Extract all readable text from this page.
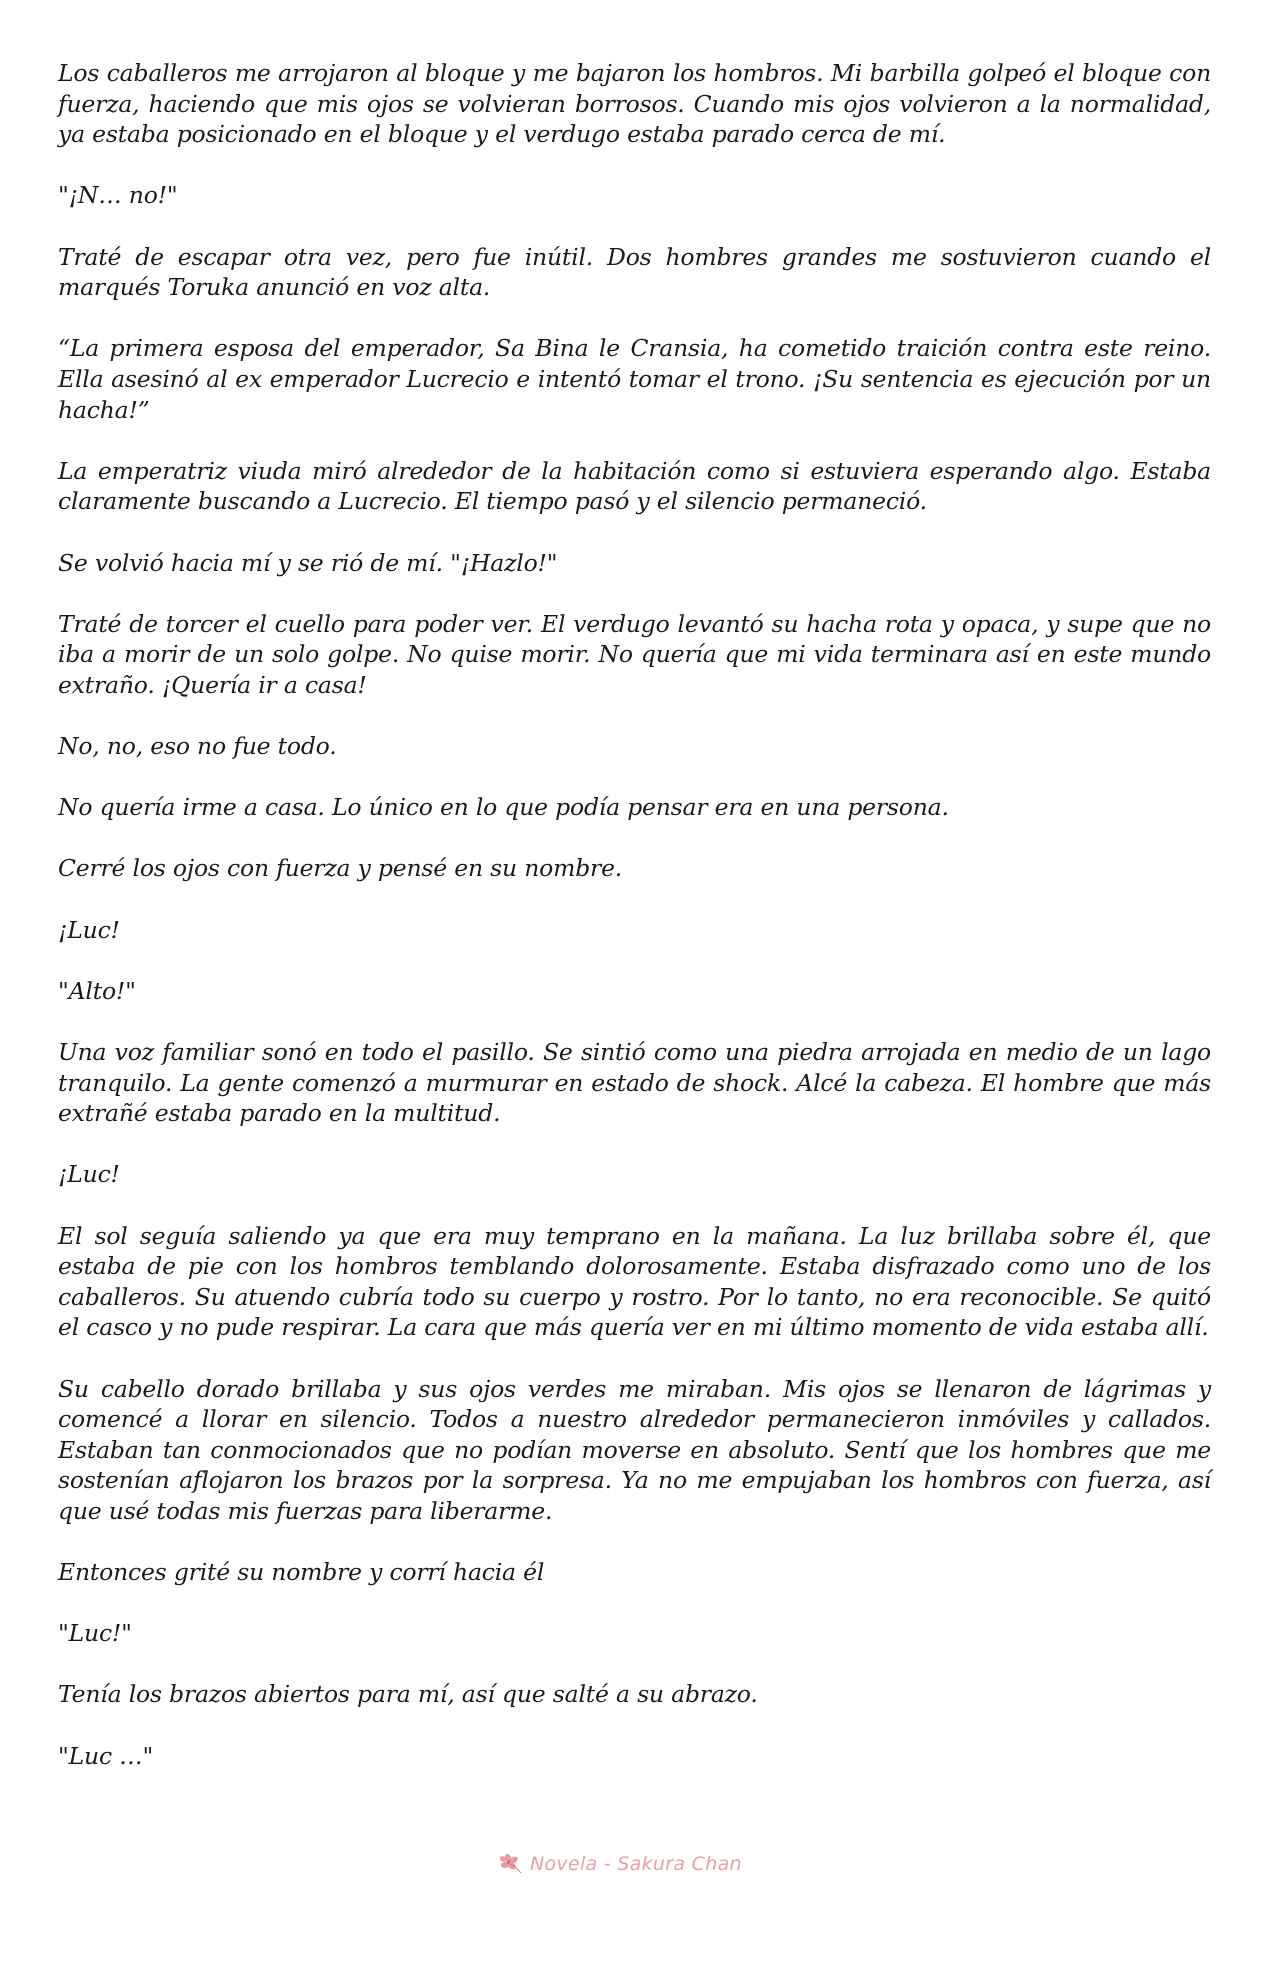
Los caballeros me arrojaron al bloque y me bajaron los hombros. Mi barbilla golpeó el bloque con fuerza, haciendo que mis ojos se volvieran borrosos. Cuando mis ojos volvieron a la normalidad, ya estaba posicionado en el bloque y el verdugo estaba parado cerca de mí.

"¡N… no!"

Traté de escapar otra vez, pero fue inútil. Dos hombres grandes me sostuvieron cuando el marqués Toruka anunció en voz alta.

“La primera esposa del emperador, Sa Bina le Cransia, ha cometido traición contra este reino. Ella asesinó al ex emperador Lucrecio e intentó tomar el trono. ¡Su sentencia es ejecución por un hacha!”

La emperatriz viuda miró alrededor de la habitación como si estuviera esperando algo. Estaba claramente buscando a Lucrecio. El tiempo pasó y el silencio permaneció.

Se volvió hacia mí y se rió de mí. "¡Hazlo!"

Traté de torcer el cuello para poder ver. El verdugo levantó su hacha rota y opaca, y supe que no iba a morir de un solo golpe. No quise morir. No quería que mi vida terminara así en este mundo extraño. ¡Quería ir a casa!

No, no, eso no fue todo.

No quería irme a casa. Lo único en lo que podía pensar era en una persona.

Cerré los ojos con fuerza y pensé en su nombre.

¡Luc!

"Alto!"

Una voz familiar sonó en todo el pasillo. Se sintió como una piedra arrojada en medio de un lago tranquilo. La gente comenzó a murmurar en estado de shock. Alcé la cabeza. El hombre que más extrañé estaba parado en la multitud.

¡Luc!

El sol seguía saliendo ya que era muy temprano en la mañana. La luz brillaba sobre él, que estaba de pie con los hombros temblando dolorosamente. Estaba disfrazado como uno de los caballeros. Su atuendo cubría todo su cuerpo y rostro. Por lo tanto, no era reconocible. Se quitó el casco y no pude respirar. La cara que más quería ver en mi último momento de vida estaba allí.

Su cabello dorado brillaba y sus ojos verdes me miraban. Mis ojos se llenaron de lágrimas y comencé a llorar en silencio. Todos a nuestro alrededor permanecieron inmóviles y callados. Estaban tan conmocionados que no podían moverse en absoluto. Sentí que los hombres que me sostenían aflojaron los brazos por la sorpresa. Ya no me empujaban los hombros con fuerza, así que usé todas mis fuerzas para liberarme.

Entonces grité su nombre y corrí hacia él

"Luc!"

Tenía los brazos abiertos para mí, así que salté a su abrazo.

"Luc …"

Novela - Sakura Chan
